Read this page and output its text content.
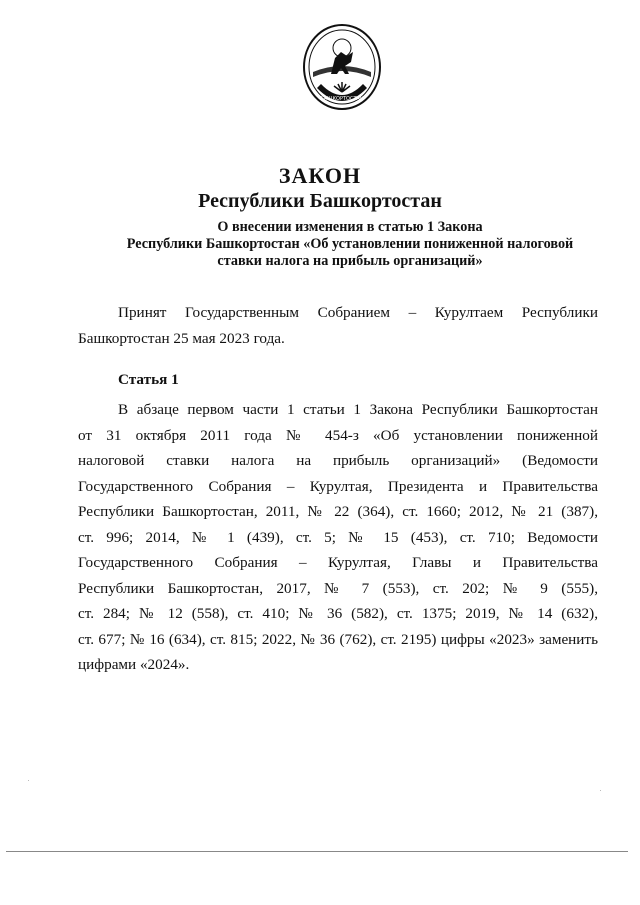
БАШКОРТОСТАН
ЗАКОН
Республики Башкортостан
О внесении изменения в статью 1 Закона
Республики Башкортостан «Об установлении пониженной налоговой
ставки налога на прибыль организаций»
Принят Государственным Собранием – Курултаем Республики
Башкортостан 25 мая 2023 года.
Статья 1
В абзаце первом части 1 статьи 1 Закона Республики Башкортостан
от 31 октября 2011 года № 454-з «Об установлении пониженной
налоговой ставки налога на прибыль организаций» (Ведомости
Государственного Собрания – Курултая, Президента и Правительства
Республики Башкортостан, 2011, № 22 (364), ст. 1660; 2012, № 21 (387),
ст. 996; 2014, № 1 (439), ст. 5; № 15 (453), ст. 710; Ведомости
Государственного Собрания – Курултая, Главы и Правительства
Республики Башкортостан, 2017, № 7 (553), ст. 202; № 9 (555),
ст. 284; № 12 (558), ст. 410; № 36 (582), ст. 1375; 2019, № 14 (632),
ст. 677; № 16 (634), ст. 815; 2022, № 36 (762), ст. 2195) цифры «2023» заменить
цифрами «2024».
